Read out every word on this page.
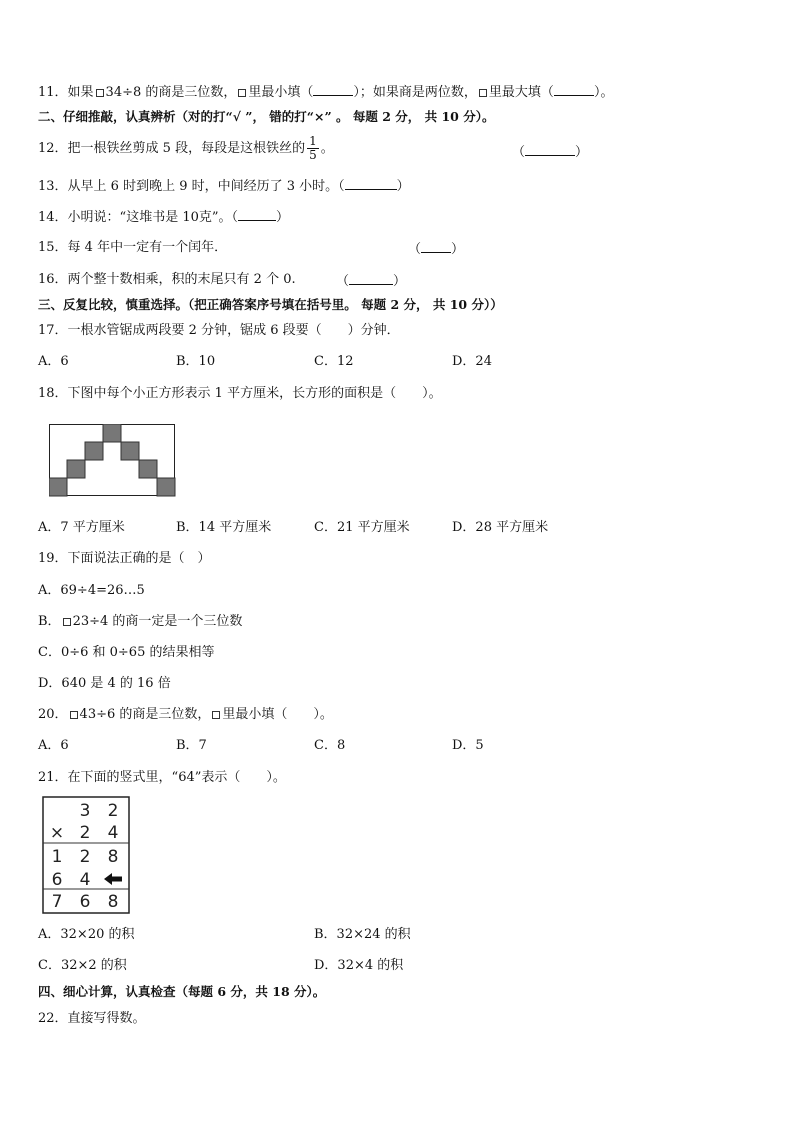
11．如果 34÷8 的商是三位数， 里最小填（	）；如果商是两位数， 里最大填（	）。
二、仔细推敲，认真辨析（对的打“√ ”， 错的打“×” 。 每题 2 分， 共 10 分）。
12．把一根铁丝剪成 5 段，每段是这根铁丝的 $\frac{1}{5}$ 。	（	）
13．从早上 6 时到晚上 9 时，中间经历了 3 小时。（	）
14．小明说：“这堆书是 10克”。（	）
15．每 4 年中一定有一个闰年．	（ ）
16．两个整十数相乘，积的末尾只有 2 个 0.	（	）
三、反复比较，慎重选择。（把正确答案序号填在括号里。 每题 2 分， 共 10 分））
17．一根水管锯成两段要 2 分钟，锯成 6 段要（　　）分钟．
A．6	B．10	C．12	D．24
18．下图中每个小正方形表示 1 平方厘米，长方形的面积是（　　）。
A．7 平方厘米	B．14 平方厘米	C．21 平方厘米	D．28 平方厘米
19．下面说法正确的是（　）
A．69÷4=26…5
B． 23÷4 的商一定是一个三位数
C．0÷6 和 0÷65 的结果相等
D．640 是 4 的 16 倍
20． 43÷6 的商是三位数， 里最小填（　　）。
A．6	B．7	C．8	D．5
21．在下面的竖式里，“64”表示（　　）。
3 2
× 2 4
1 2 8
6 4
7 6 8
A．32×20 的积	B．32×24 的积
C．32×2 的积	D．32×4 的积
四、细心计算，认真检查（每题 6 分，共 18 分）。
22．直接写得数。
